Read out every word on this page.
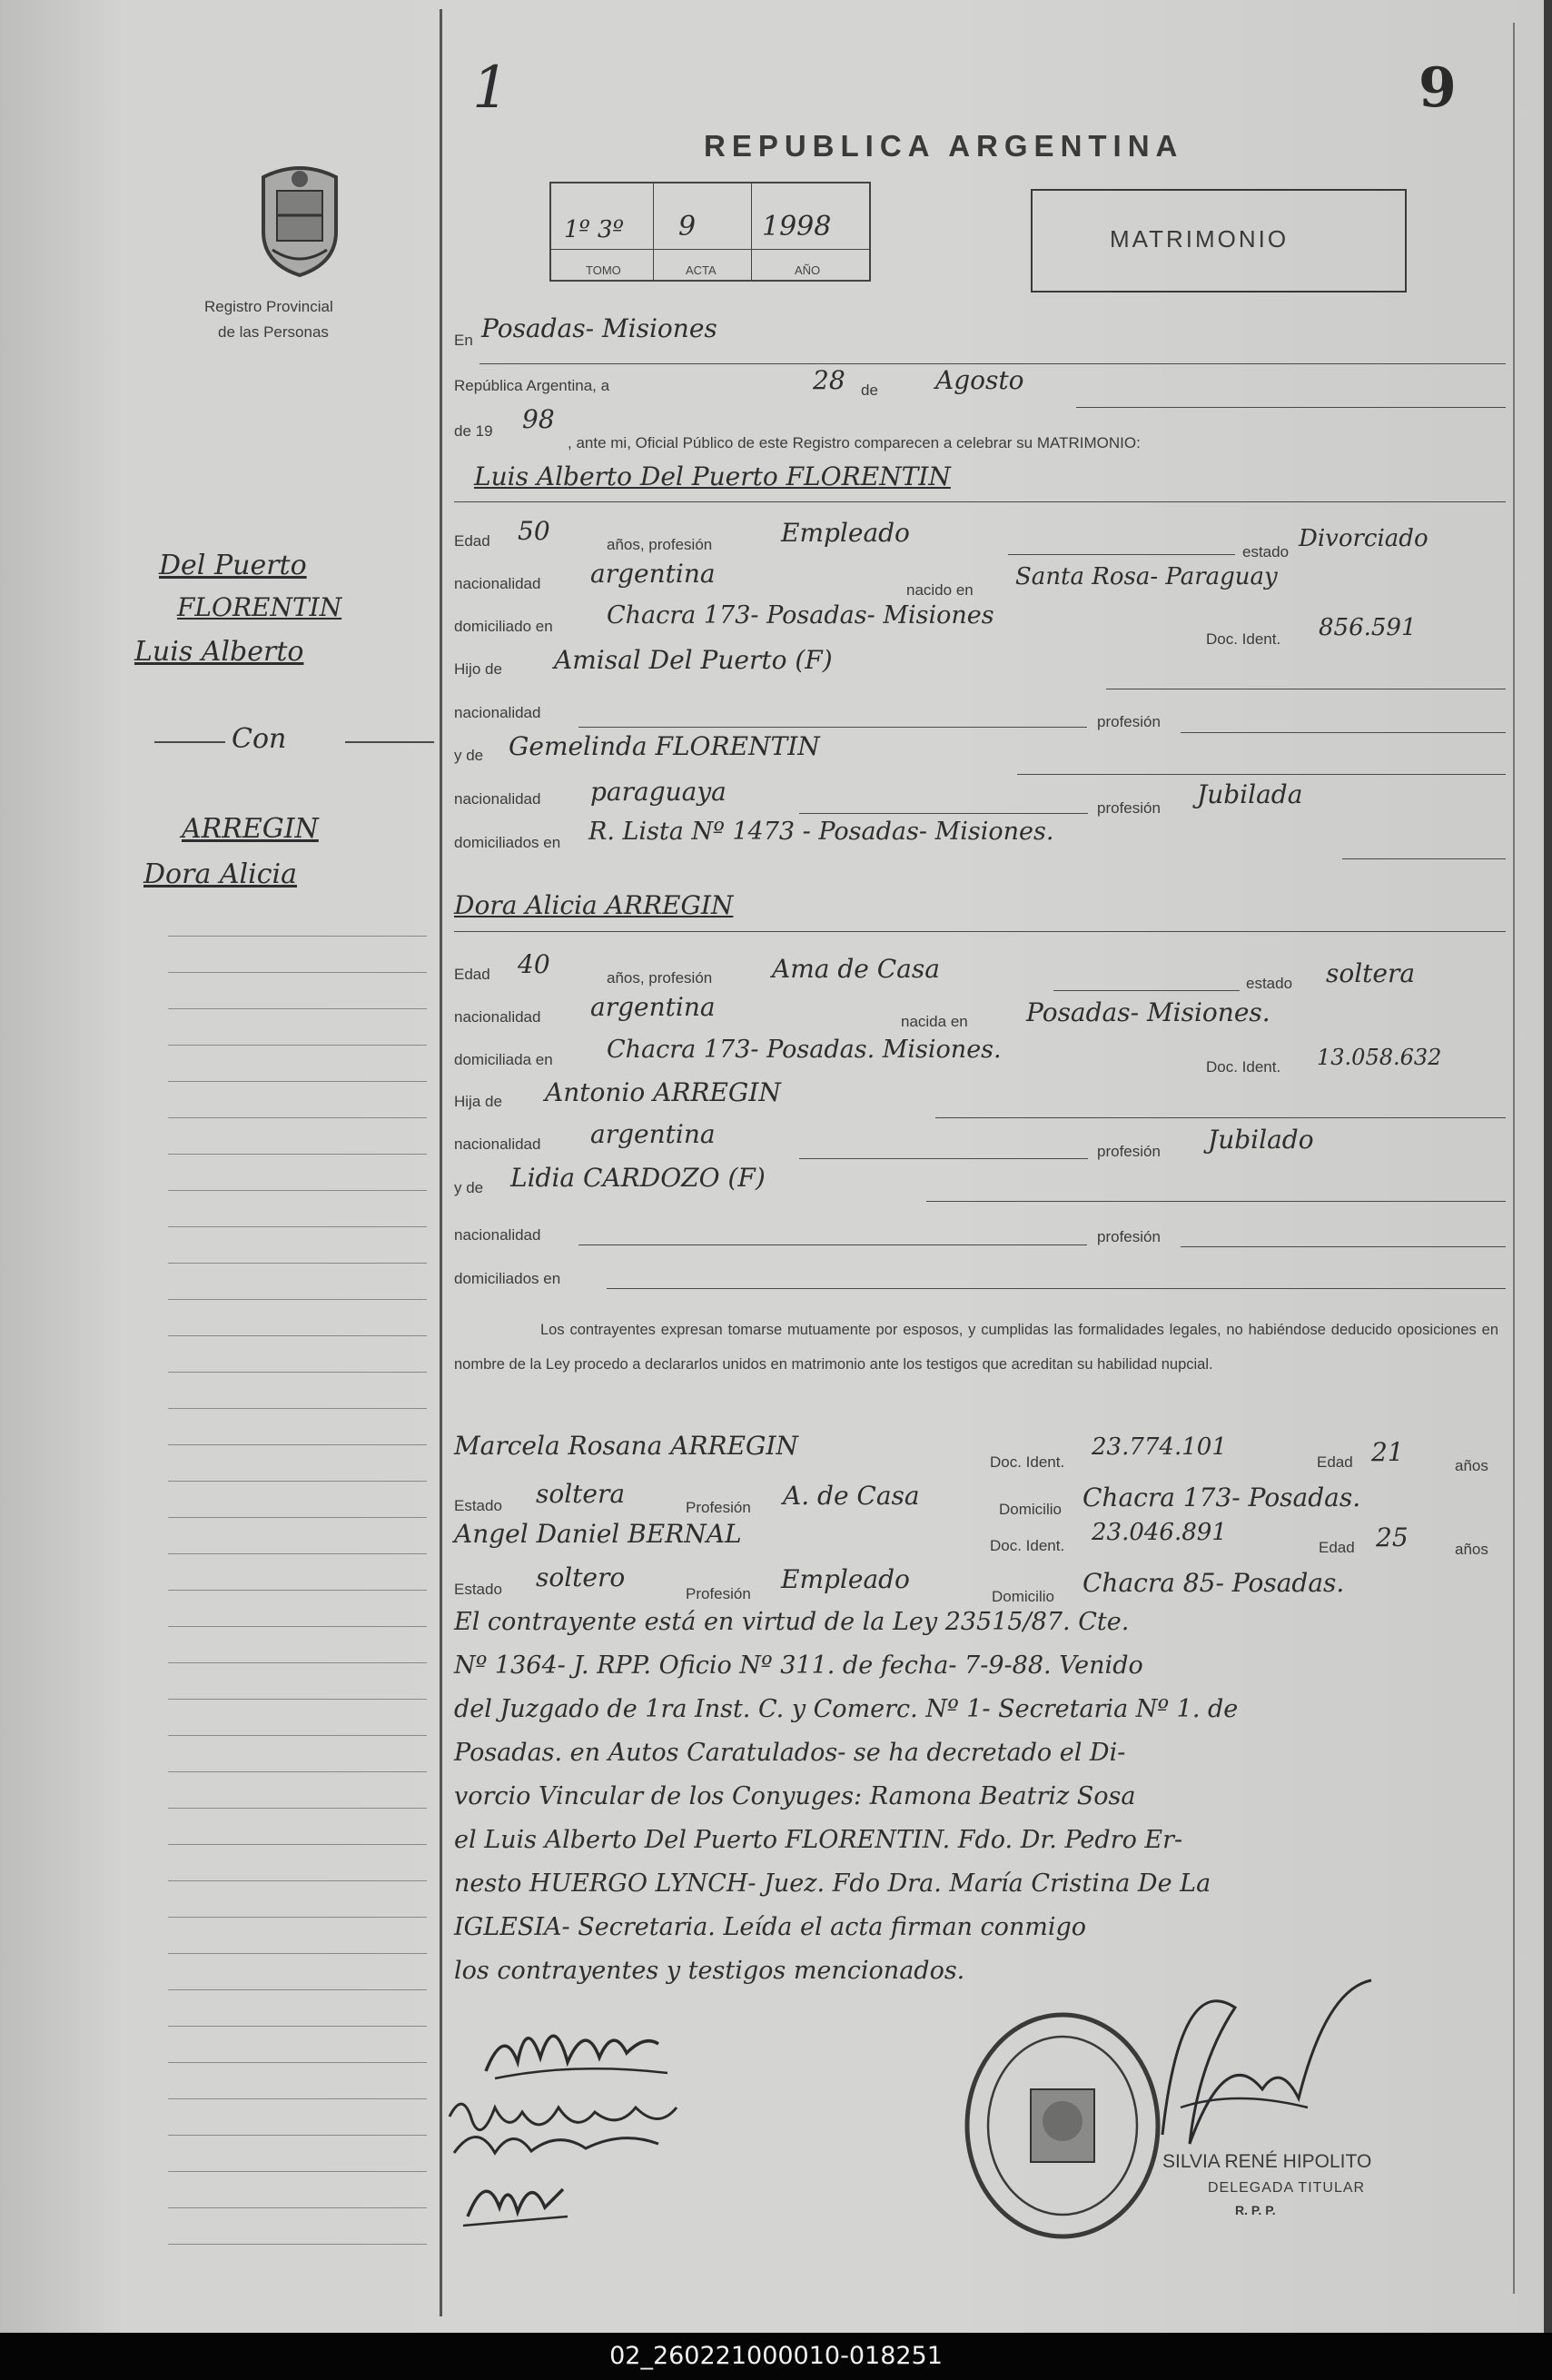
Registro Provincial
de las Personas
Del Puerto
FLORENTIN
Luis Alberto
Con
ARREGIN
Dora Alicia
1
REPUBLICA ARGENTINA
9
1º 3º 9 1998
TOMO	ACTA	AÑO
MATRIMONIO
En Posadas- Misiones
República Argentina, a	28 de Agosto
de 19 98
, ante mi, Oficial Público de este Registro comparecen a celebrar su MATRIMONIO:
Luis Alberto Del Puerto FLORENTIN
Edad 50	años, profesión	Empleado
estado Divorciado
nacionalidad argentina
nacido en Santa Rosa- Paraguay
domiciliado en Chacra 173- Posadas- Misiones
Doc. Ident. 856.591
Hijo de Amisal Del Puerto (F)
nacionalidad
profesión
y de Gemelinda FLORENTIN
nacionalidad paraguaya
profesión Jubilada
domiciliados en R. Lista Nº 1473 - Posadas- Misiones.
Dora Alicia ARREGIN
Edad 40	años, profesión Ama de Casa	estado soltera
nacionalidad argentina	nacida en Posadas- Misiones.
domiciliada en Chacra 173- Posadas. Misiones.
Doc. Ident. 13.058.632
Hija de Antonio ARREGIN
nacionalidad argentina
profesión Jubilado
y de Lidia CARDOZO (F)
nacionalidad	profesión
domiciliados en
Los contrayentes expresan tomarse mutuamente por esposos, y cumplidas las formalidades legales, no habiéndose deducido oposiciones en nombre de la Ley procedo a declararlos unidos en matrimonio ante los testigos que acreditan su habilidad nupcial.
Marcela Rosana ARREGIN
Doc. Ident.
23.774.101
Edad 21	años
Estado soltera	Profesión A. de Casa	Domicilio Chacra 173- Posadas.
Angel Daniel BERNAL	Doc. Ident. 23.046.891
Edad 25	años
Estado soltero
Profesión Empleado
Domicilio Chacra 85- Posadas.
El contrayente está en virtud de la Ley 23515/87. Cte.
Nº 1364- J. RPP. Oficio Nº 311. de fecha- 7-9-88. Venido
del Juzgado de 1ra Inst. C. y Comerc. Nº 1- Secretaria Nº 1. de
Posadas. en Autos Caratulados- se ha decretado el Di-
vorcio Vincular de los Conyuges: Ramona Beatriz Sosa
el Luis Alberto Del Puerto FLORENTIN. Fdo. Dr. Pedro Er-
nesto HUERGO LYNCH- Juez. Fdo Dra. María Cristina De La
IGLESIA- Secretaria. Leída el acta firman conmigo
los contrayentes y testigos mencionados.
SILVIA RENÉ HIPOLITO
DELEGADA TITULAR
R. P. P.
02_260221000010-018251
